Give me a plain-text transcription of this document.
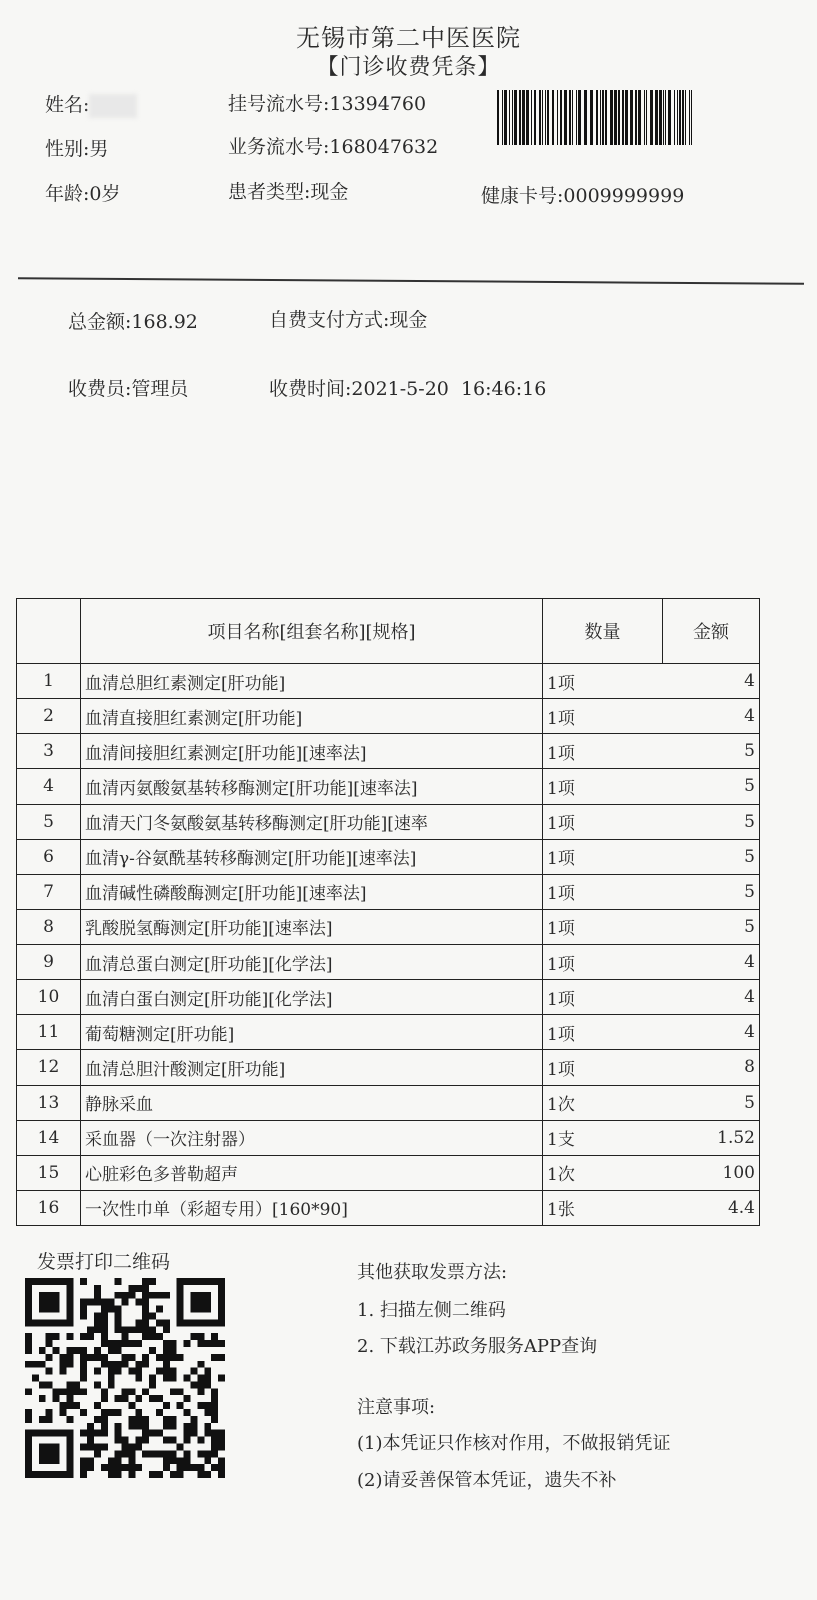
无锡市第二中医医院
【门诊收费凭条】
姓名:
性别:男
年龄:0岁
挂号流水号:13394760
业务流水号:168047632
患者类型:现金	健康卡号:0009999999
总金额:168.92	自费支付方式:现金
收费员:管理员	收费时间:2021-5-20  16:46:16
	项目名称[组套名称][规格]	数量	金额
1	血清总胆红素测定[肝功能]	1项	4
2	血清直接胆红素测定[肝功能]	1项	4
3	血清间接胆红素测定[肝功能][速率法]	1项	5
4	血清丙氨酸氨基转移酶测定[肝功能][速率法]	1项	5
5	血清天门冬氨酸氨基转移酶测定[肝功能][速率	1项	5
6	血清γ-谷氨酰基转移酶测定[肝功能][速率法]	1项	5
7	血清碱性磷酸酶测定[肝功能][速率法]	1项	5
8	乳酸脱氢酶测定[肝功能][速率法]	1项	5
9	血清总蛋白测定[肝功能][化学法]	1项	4
10	血清白蛋白测定[肝功能][化学法]	1项	4
11	葡萄糖测定[肝功能]	1项	4
12	血清总胆汁酸测定[肝功能]	1项	8
13	静脉采血	1次	5
14	采血器（一次注射器）	1支	1.52
15	心脏彩色多普勒超声	1次	100
16	一次性巾单（彩超专用）[160*90]	1张	4.4
发票打印二维码	其他获取发票方法:
1. 扫描左侧二维码
2. 下载江苏政务服务APP查询
注意事项:
(1)本凭证只作核对作用，不做报销凭证
(2)请妥善保管本凭证，遗失不补
